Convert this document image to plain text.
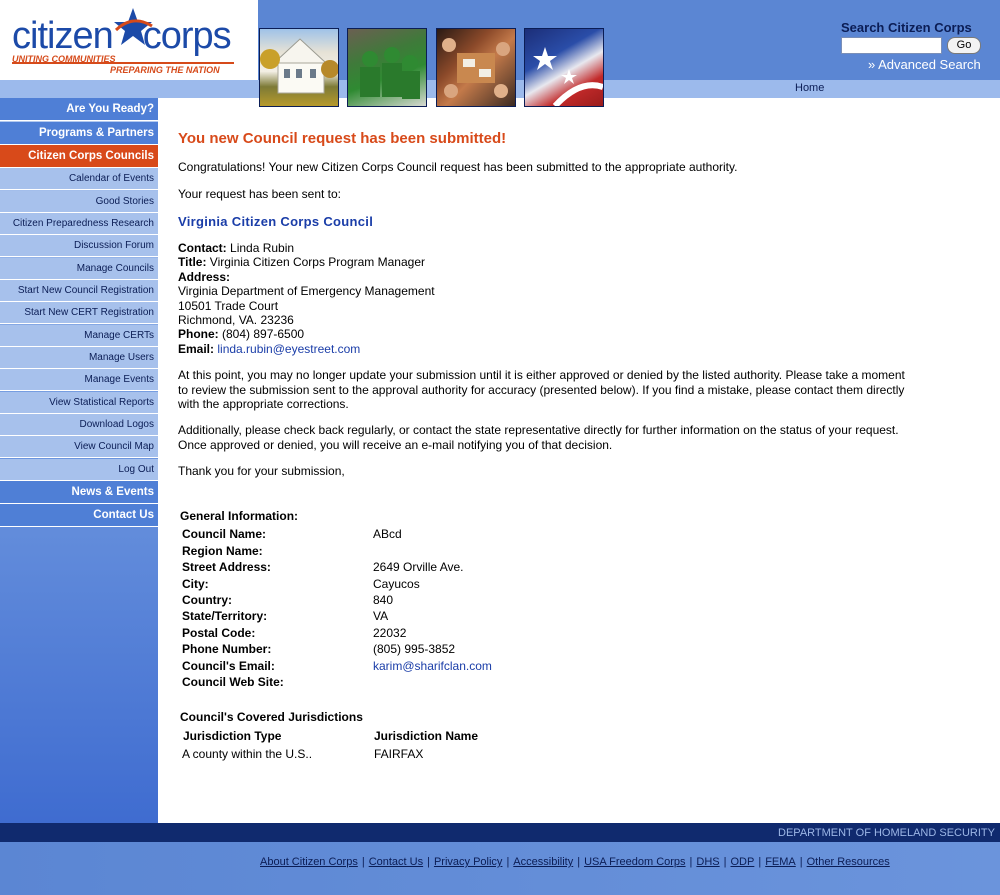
citizen corps
UNITING COMMUNITIES
PREPARING THE NATION
Search Citizen Corps
Go
» Advanced Search
Home
Are You Ready?
Programs & Partners
Citizen Corps Councils
Calendar of Events
Good Stories
Citizen Preparedness Research
Discussion Forum
Manage Councils
Start New Council Registration
Start New CERT Registration
Manage CERTs
Manage Users
Manage Events
View Statistical Reports
Download Logos
View Council Map
Log Out
News & Events
Contact Us
You new Council request has been submitted!
Congratulations! Your new Citizen Corps Council request has been submitted to the appropriate authority.
Your request has been sent to:
Virginia Citizen Corps Council
Contact: Linda Rubin
Title: Virginia Citizen Corps Program Manager
Address:
Virginia Department of Emergency Management
10501 Trade Court
Richmond, VA. 23236
Phone: (804) 897-6500
Email: linda.rubin@eyestreet.com
At this point, you may no longer update your submission until it is either approved or denied by the listed authority. Please take a moment to review the submission sent to the approval authority for accuracy (presented below). If you find a mistake, please contact them directly with the appropriate corrections.
Additionally, please check back regularly, or contact the state representative directly for further information on the status of your request. Once approved or denied, you will receive an e-mail notifying you of that decision.
Thank you for your submission,
General Information:
Council Name:	ABcd
Region Name:
Street Address:	2649 Orville Ave.
City:	Cayucos
Country:	840
State/Territory:	VA
Postal Code:	22032
Phone Number:	(805) 995-3852
Council's Email:	karim@sharifclan.com
Council Web Site:
Council's Covered Jurisdictions
Jurisdiction Type	Jurisdiction Name
A county within the U.S..	FAIRFAX
DEPARTMENT OF HOMELAND SECURITY
About Citizen Corps | Contact Us | Privacy Policy | Accessibility | USA Freedom Corps | DHS | ODP | FEMA | Other Resources
